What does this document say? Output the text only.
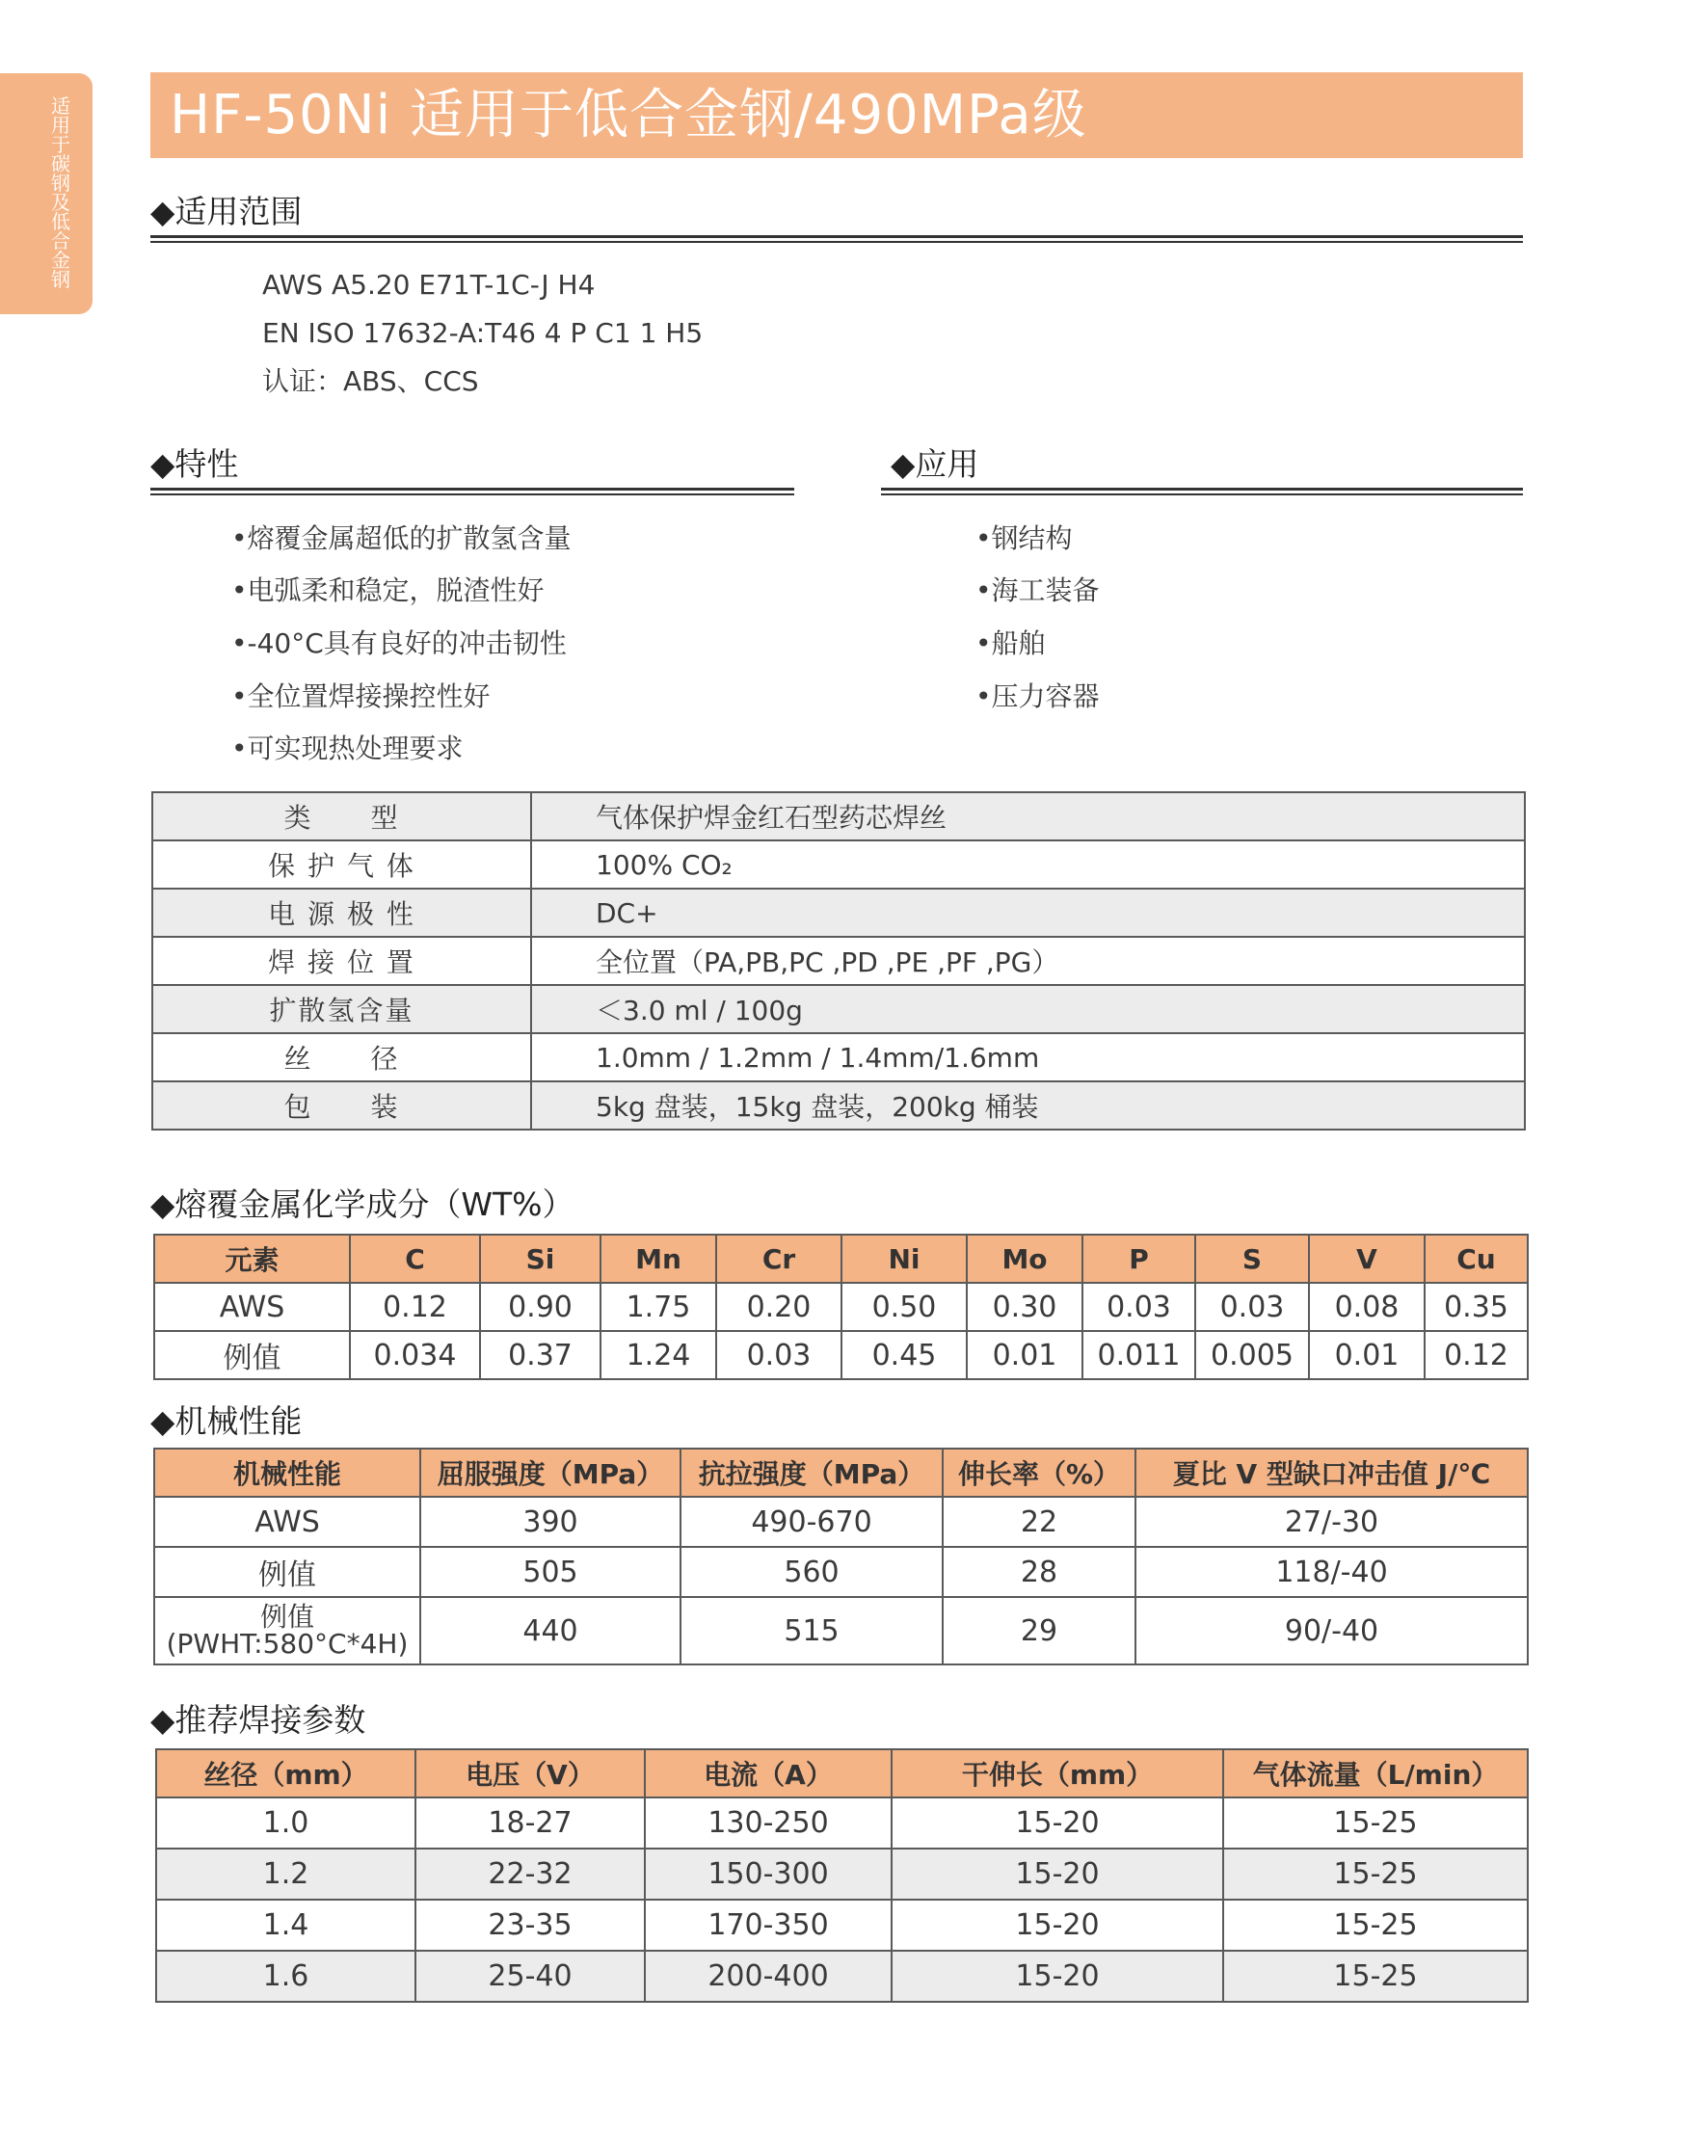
适用于碳钢及低合金钢
HF-50Ni 适用于低合金钢/490MPa级
◆适用范围
AWS A5.20 E71T-1C-J H4
EN ISO 17632-A:T46 4 P C1 1 H5
认证：ABS、CCS
◆特性
•熔覆金属超低的扩散氢含量
•电弧柔和稳定，脱渣性好
•-40°C具有良好的冲击韧性
•全位置焊接操控性好
•可实现热处理要求
◆应用
•钢结构
•海工装备
•船舶
•压力容器
类　　型	气体保护焊金红石型药芯焊丝
保 护 气 体	100% CO₂
电 源 极 性	DC+
焊 接 位 置	全位置（PA,PB,PC ,PD ,PE ,PF ,PG）
扩散氢含量	＜3.0 ml / 100g
丝　　径	1.0mm / 1.2mm / 1.4mm/1.6mm
包　　装	5kg 盘装，15kg 盘装，200kg 桶装
◆熔覆金属化学成分（WT%）
元素	C	Si	Mn	Cr	Ni	Mo	P	S	V	Cu
AWS	0.12	0.90	1.75	0.20	0.50	0.30	0.03	0.03	0.08	0.35
例值	0.034	0.37	1.24	0.03	0.45	0.01	0.011	0.005	0.01	0.12
◆机械性能
机械性能	屈服强度（MPa）	抗拉强度（MPa）	伸长率（%）	夏比 V 型缺口冲击值 J/℃
AWS	390	490-670	22	27/-30
例值	505	560	28	118/-40

例值
(PWHT:580°C*4H)	440	515	29	90/-40
◆推荐焊接参数
丝径（mm）	电压（V）	电流（A）	干伸长（mm）	气体流量（L/min）
1.0	18-27	130-250	15-20	15-25
1.2	22-32	150-300	15-20	15-25
1.4	23-35	170-350	15-20	15-25
1.6	25-40	200-400	15-20	15-25
